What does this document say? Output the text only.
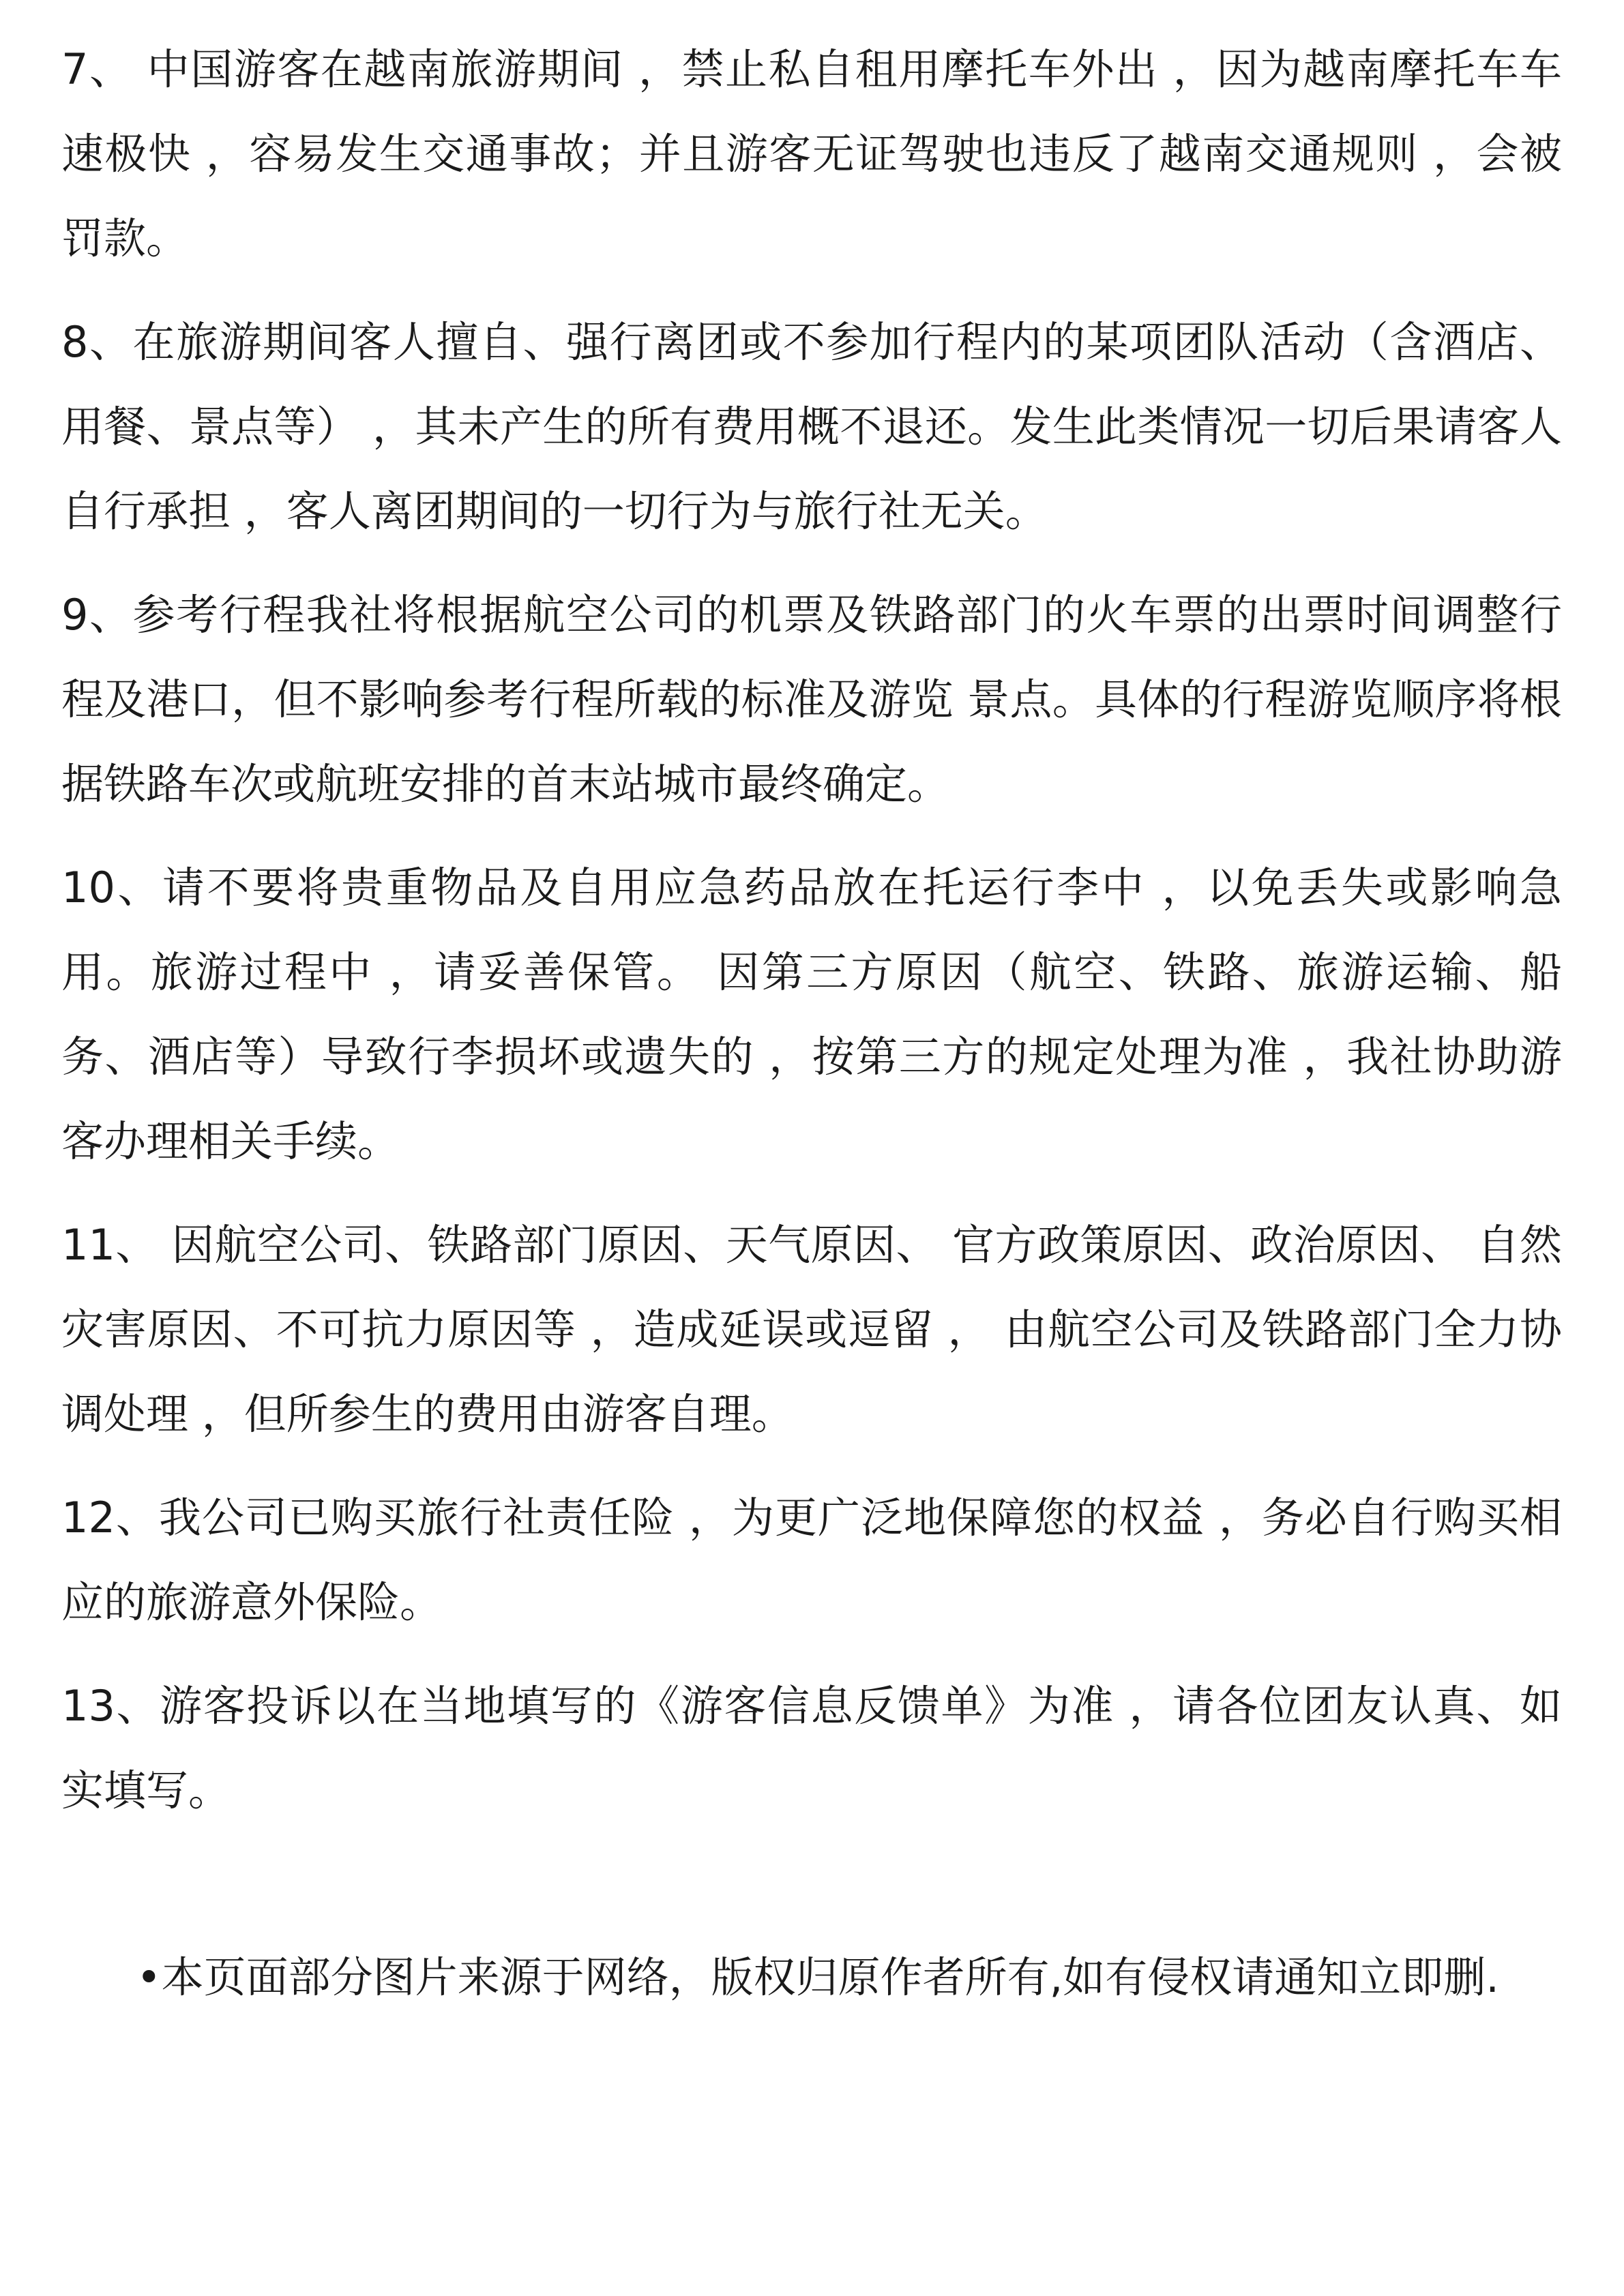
7、 中国游客在越南旅游期间 ，禁止私自租用摩托车外出 ，因为越南摩托车车速极快 ，容易发生交通事故；并且游客无证驾驶也违反了越南交通规则 ，会被罚款。

8、在旅游期间客人擅自、强行离团或不参加行程内的某项团队活动（含酒店、用餐、景点等） ，其未产生的所有费用概不退还。发生此类情况一切后果请客人自行承担 ，客人离团期间的一切行为与旅行社无关。

9、参考行程我社将根据航空公司的机票及铁路部门的火车票的出票时间调整行程及港口，但不影响参考行程所载的标准及游览 景点。具体的行程游览顺序将根据铁路车次或航班安排的首末站城市最终确定。

10、请不要将贵重物品及自用应急药品放在托运行李中 ，以免丢失或影响急用。旅游过程中 ，请妥善保管。 因第三方原因（航空、铁路、旅游运输、船务、酒店等）导致行李损坏或遗失的 ，按第三方的规定处理为准 ，我社协助游客办理相关手续。

11、 因航空公司、铁路部门原因、天气原因、 官方政策原因、政治原因、 自然灾害原因、不可抗力原因等 ，造成延误或逗留 ， 由航空公司及铁路部门全力协调处理 ，但所参生的费用由游客自理。

12、我公司已购买旅行社责任险 ，为更广泛地保障您的权益 ，务必自行购买相应的旅游意外保险。

13、游客投诉以在当地填写的《游客信息反馈单》为准 ，请各位团友认真、如实填写。

•本页面部分图片来源于网络，版权归原作者所有,如有侵权请通知立即删.
